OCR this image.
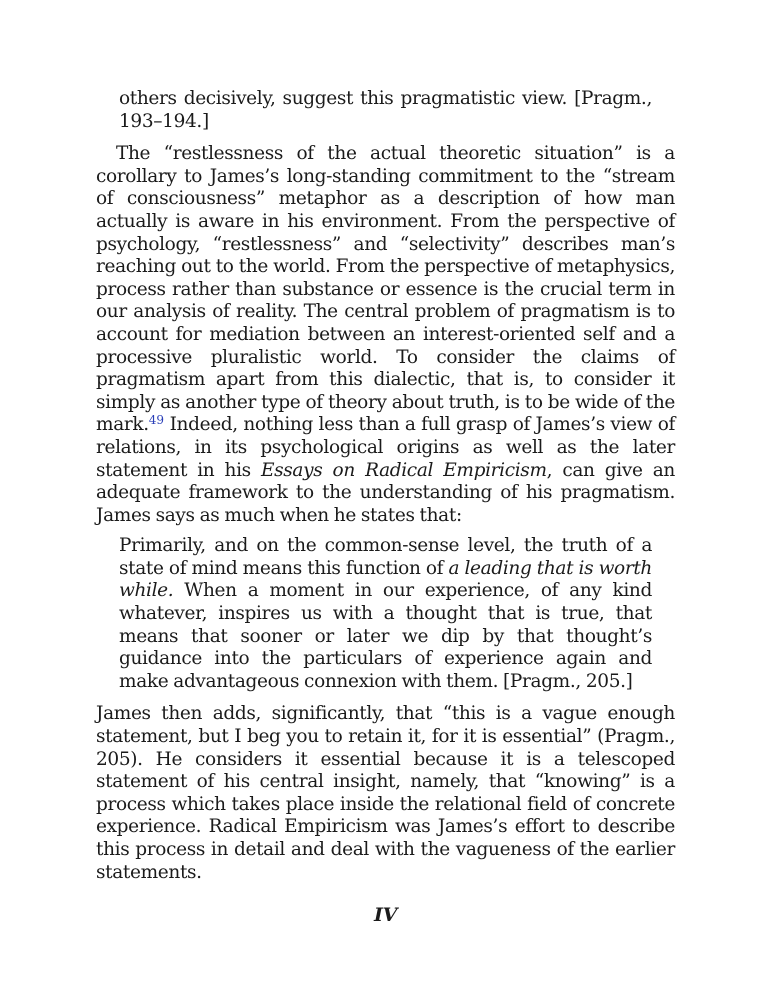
others decisively, suggest this pragmatistic view. [Pragm., 193–194.]

The “restlessness of the actual theoretic situation” is a corollary to James’s long-standing commitment to the “stream of consciousness” metaphor as a description of how man actually is aware in his environment. From the perspective of psychology, “restlessness” and “selectivity” describes man’s reaching out to the world. From the perspective of metaphysics, process rather than substance or essence is the crucial term in our analysis of reality. The central problem of pragmatism is to account for mediation between an interest-oriented self and a processive pluralistic world. To consider the claims of pragmatism apart from this dialectic, that is, to consider it simply as another type of theory about truth, is to be wide of the mark.$^{49}$ Indeed, nothing less than a full grasp of James’s view of relations, in its psychological origins as well as the later statement in his Essays on Radical Empiricism, can give an adequate framework to the understanding of his pragmatism. James says as much when he states that:

Primarily, and on the common-sense level, the truth of a state of mind means this function of a leading that is worth while. When a moment in our experience, of any kind whatever, inspires us with a thought that is true, that means that sooner or later we dip by that thought’s guidance into the particulars of experience again and make advantageous connexion with them. [Pragm., 205.]

James then adds, significantly, that “this is a vague enough statement, but I beg you to retain it, for it is essential” (Pragm., 205). He considers it essential because it is a telescoped statement of his central insight, namely, that “knowing” is a process which takes place inside the relational field of concrete experience. Radical Empiricism was James’s effort to describe this process in detail and deal with the vagueness of the earlier statements.

IV
